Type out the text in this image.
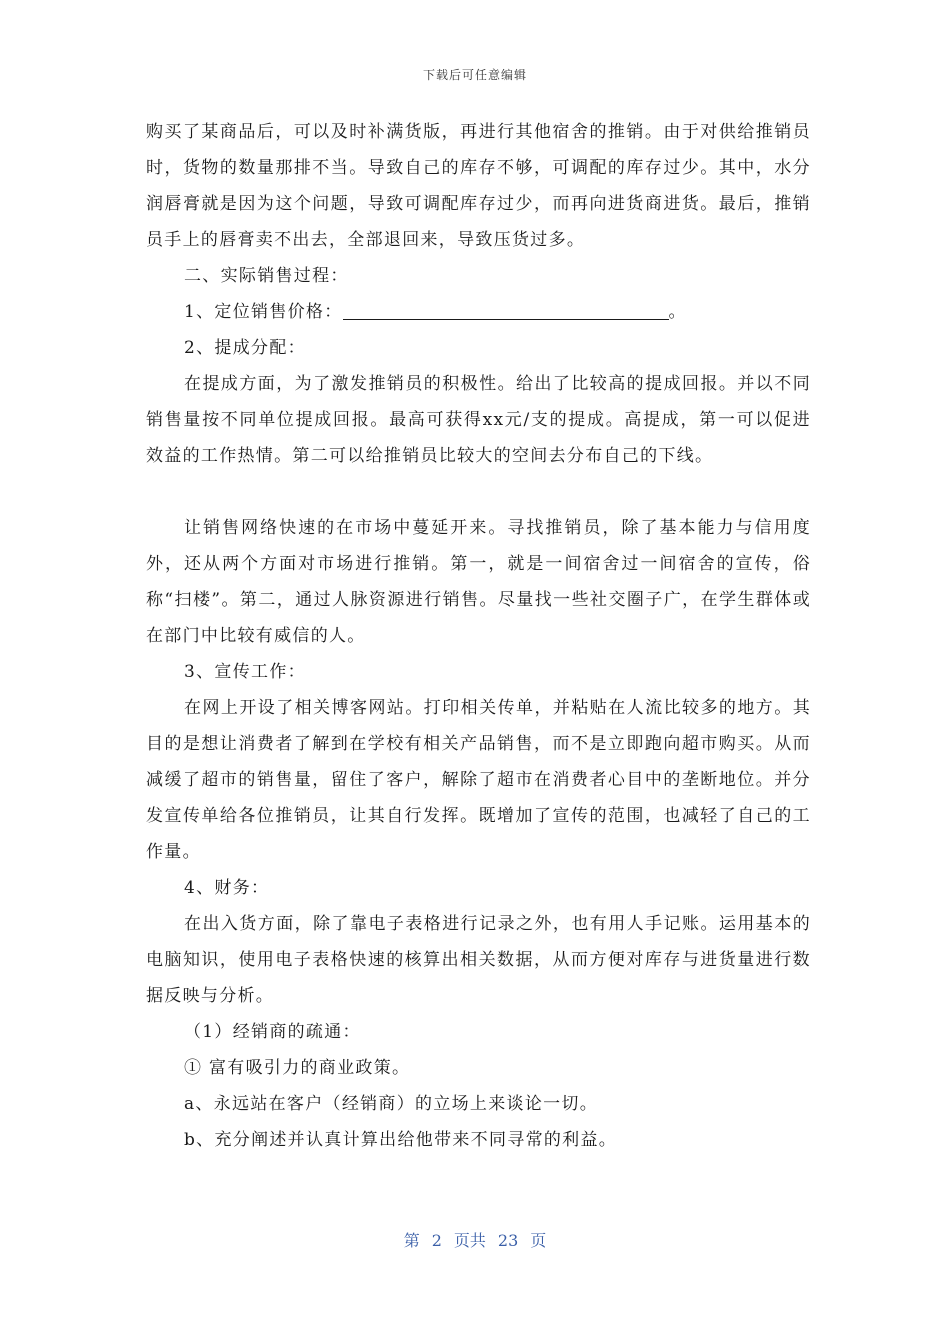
下载后可任意编辑

购买了某商品后，可以及时补满货版，再进行其他宿舍的推销。由于对供给推销员时，货物的数量那排不当。导致自己的库存不够，可调配的库存过少。其中，水分润唇膏就是因为这个问题，导致可调配库存过少，而再向进货商进货。最后，推销员手上的唇膏卖不出去，全部退回来，导致压货过多。

二、实际销售过程：

1、定位销售价格：	。

2、提成分配：

在提成方面，为了激发推销员的积极性。给出了比较高的提成回报。并以不同销售量按不同单位提成回报。最高可获得xx元/支的提成。高提成，第一可以促进效益的工作热情。第二可以给推销员比较大的空间去分布自己的下线。

让销售网络快速的在市场中蔓延开来。寻找推销员，除了基本能力与信用度外，还从两个方面对市场进行推销。第一，就是一间宿舍过一间宿舍的宣传，俗称“扫楼”。第二，通过人脉资源进行销售。尽量找一些社交圈子广，在学生群体或在部门中比较有威信的人。

3、宣传工作：

在网上开设了相关博客网站。打印相关传单，并粘贴在人流比较多的地方。其目的是想让消费者了解到在学校有相关产品销售，而不是立即跑向超市购买。从而减缓了超市的销售量，留住了客户，解除了超市在消费者心目中的垄断地位。并分发宣传单给各位推销员，让其自行发挥。既增加了宣传的范围，也减轻了自己的工作量。

4、财务：

在出入货方面，除了靠电子表格进行记录之外，也有用人手记账。运用基本的电脑知识，使用电子表格快速的核算出相关数据，从而方便对库存与进货量进行数据反映与分析。

（1）经销商的疏通：

① 富有吸引力的商业政策。

a、永远站在客户（经销商）的立场上来谈论一切。

b、充分阐述并认真计算出给他带来不同寻常的利益。

第 2 页共 23 页
